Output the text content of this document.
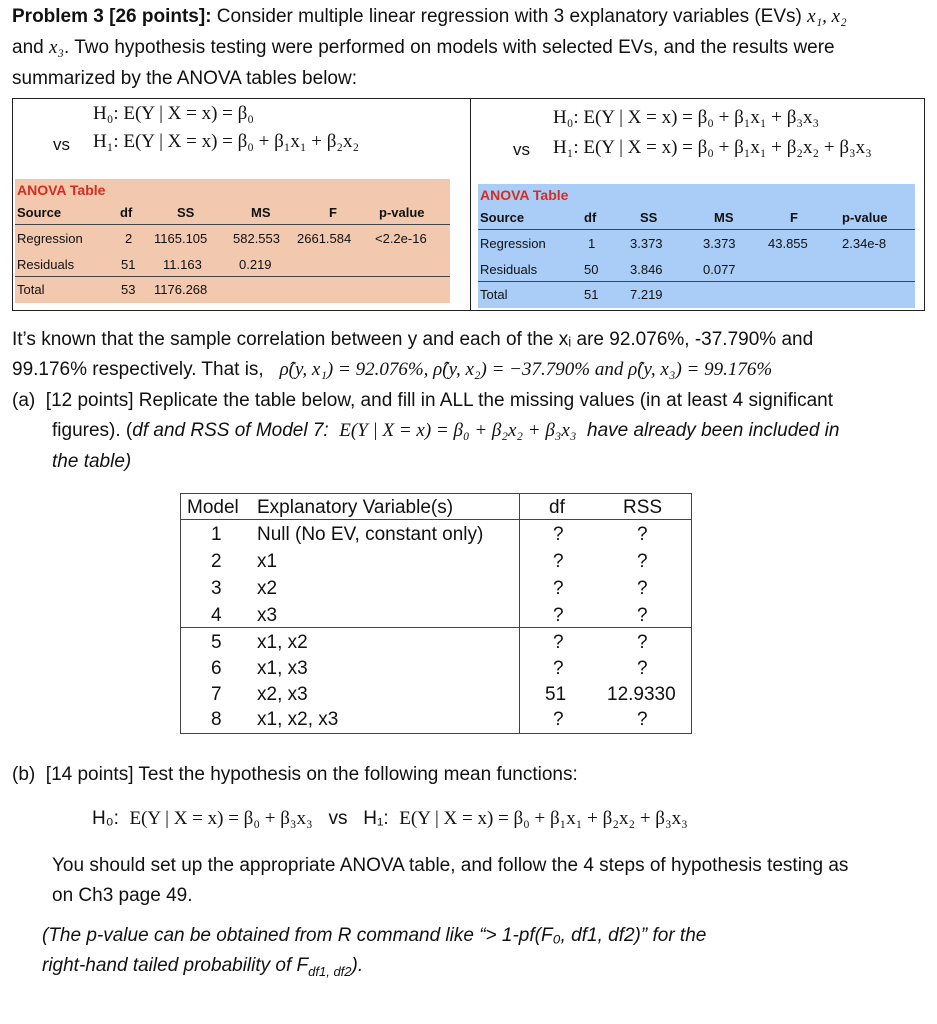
Problem 3 [26 points]: Consider multiple linear regression with 3 explanatory variables (EVs) x₁, x₂
and x₃. Two hypothesis testing were performed on models with selected EVs, and the results were
summarized by the ANOVA tables below:
H₀: E(Y | X = x) = β₀
vs H₁: E(Y | X = x) = β₀ + β₁x₁ + β₂x₂
H₀: E(Y | X = x) = β₀ + β₁x₁ + β₃x₃
vs H₁: E(Y | X = x) = β₀ + β₁x₁ + β₂x₂ + β₃x₃
ANOVA Table
Source	df	SS	MS	F	p-value
Regression	2 1165.105 582.553 2661.584 <2.2e-16
Residuals	51 11.163	0.219
Total	53 1176.268
ANOVA Table
Source	df	SS	MS	F	p-value
Regression	1	3.373	3.373 43.855	2.34e-8
Residuals	50 3.846	0.077
Total	51 7.219
It’s known that the sample correlation between y and each of the xᵢ are 92.076%, -37.790% and
99.176% respectively. That is, ρ̂(y, x₁) = 92.076%, ρ̂(y, x₂) = −37.790% and ρ̂(y, x₃) = 99.176%
(a) [12 points] Replicate the table below, and fill in ALL the missing values (in at least 4 significant
figures). (df and RSS of Model 7: E(Y | X = x) = β₀ + β₂x₂ + β₃x₃ have already been included in
the table)
Model Explanatory Variable(s)	df	RSS
1 Null (No EV, constant only)	?	?
2 x1	?	?
3 x2	?	?
4 x3	?	?
5 x1, x2	?	?
6 x1, x3	?	?
7 x2, x3	51 12.9330
8 x1, x2, x3	?	?
(b) [14 points] Test the hypothesis on the following mean functions:
H₀: E(Y | X = x) = β₀ + β₃x₃ vs H₁: E(Y | X = x) = β₀ + β₁x₁ + β₂x₂ + β₃x₃
You should set up the appropriate ANOVA table, and follow the 4 steps of hypothesis testing as
on Ch3 page 49.
(The p-value can be obtained from R command like “> 1-pf(F₀, df1, df2)” for the
right-hand tailed probability of $F_{df1, df2}$).
